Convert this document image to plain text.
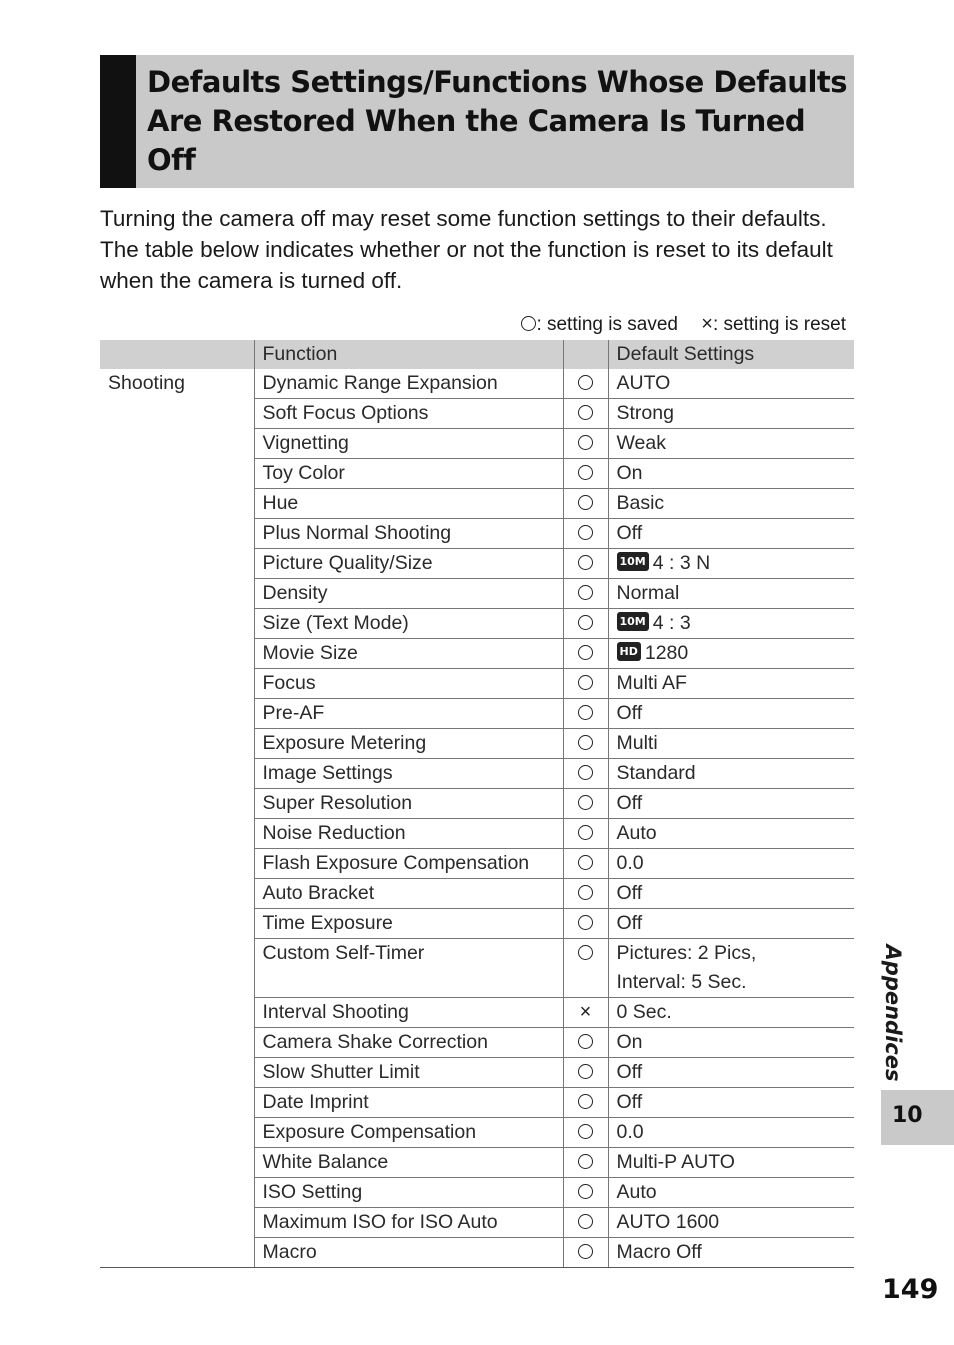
Defaults Settings/Functions Whose Defaults Are Restored When the Camera Is Turned Off

Turning the camera off may reset some function settings to their defaults. The table below indicates whether or not the function is reset to its default when the camera is turned off.

: setting is saved ×: setting is reset
	Function		Default Settings
Shooting	Dynamic Range Expansion		AUTO
	Soft Focus Options		Strong
	Vignetting		Weak
	Toy Color		On
	Hue		Basic
	Plus Normal Shooting		Off
	Picture Quality/Size		10M 4 : 3 N
	Density		Normal
	Size (Text Mode)		10M 4 : 3
	Movie Size		HD 1280
	Focus		Multi AF
	Pre-AF		Off
	Exposure Metering		Multi
	Image Settings		Standard
	Super Resolution		Off
	Noise Reduction		Auto
	Flash Exposure Compensation		0.0
	Auto Bracket		Off
	Time Exposure		Off
	Custom Self-Timer		Pictures: 2 Pics,
Interval: 5 Sec.
	Interval Shooting	×	0 Sec.
	Camera Shake Correction		On
	Slow Shutter Limit		Off
	Date Imprint		Off
	Exposure Compensation		0.0
	White Balance		Multi-P AUTO
	ISO Setting		Auto
	Maximum ISO for ISO Auto		AUTO 1600
	Macro		Macro Off
Appendices
10
149
